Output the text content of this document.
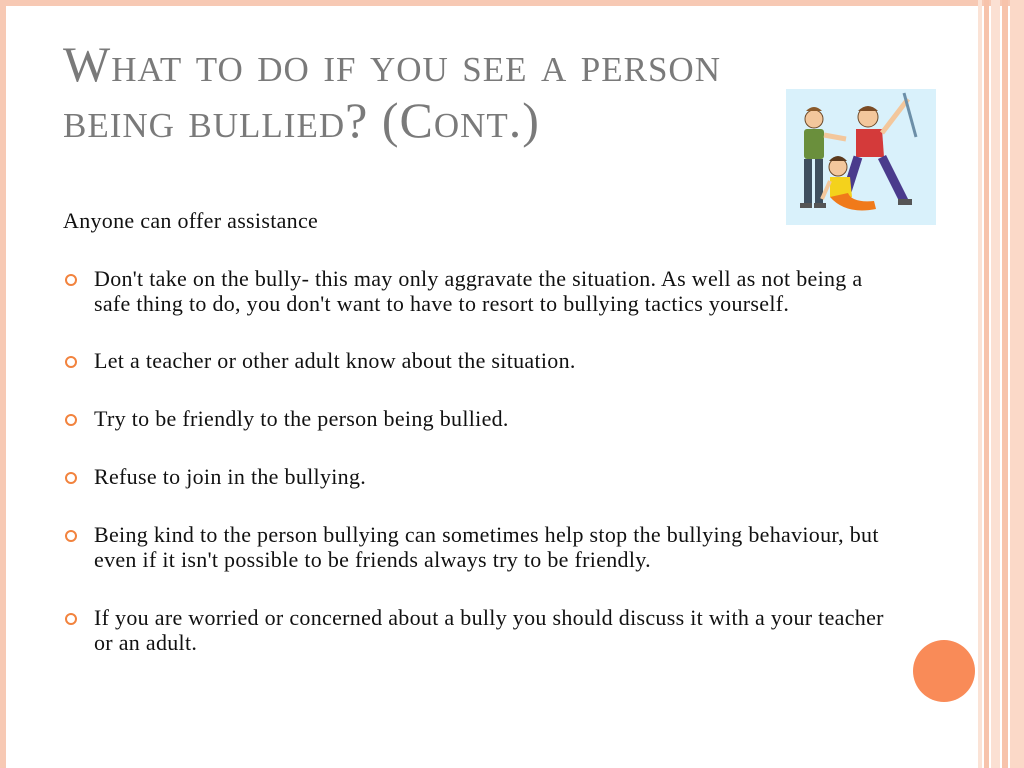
What to do if you see a person
being bullied? (Cont.)
Anyone can offer assistance
Don't take on the bully- this may only aggravate the situation. As well as not being a safe thing to do, you don't want to have to resort to bullying tactics yourself.
Let a teacher or other adult know about the situation.
Try to be friendly to the person being bullied.
Refuse to join in the bullying.
Being kind to the person bullying can sometimes help stop the bullying behaviour, but even if it isn't possible to be friends always try to be friendly.
If you are worried or concerned about a bully you should discuss it with a your teacher or an adult.
